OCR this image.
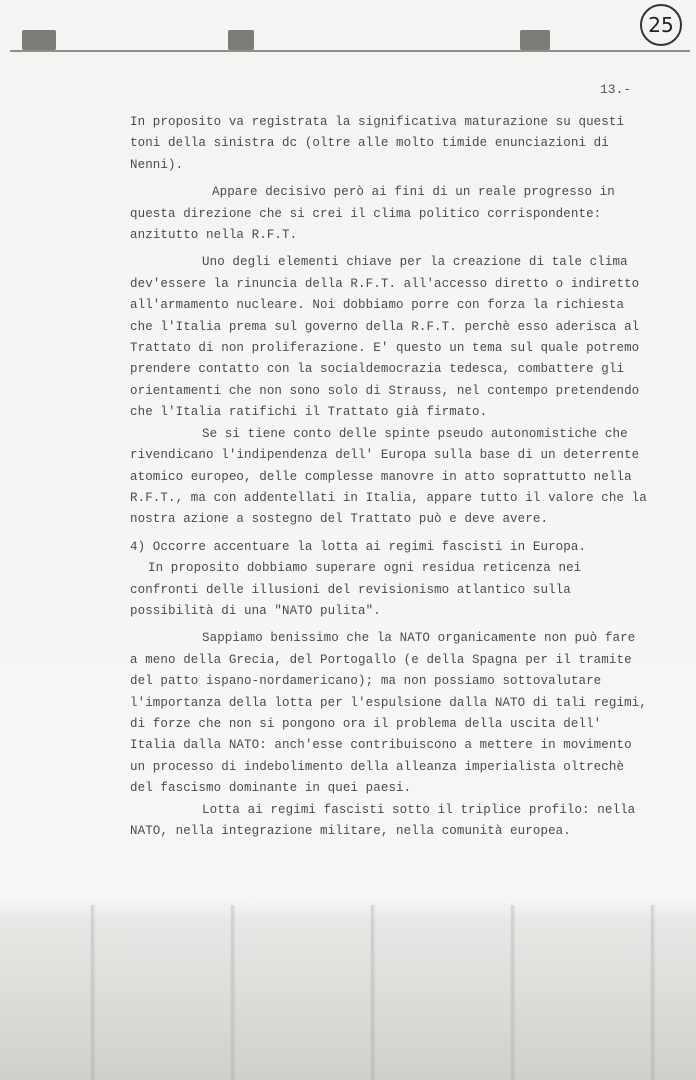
25
13.-

In proposito va registrata la significativa maturazione su questi toni della sinistra dc (oltre alle molto timide enunciazioni di Nenni).

Appare decisivo però ai fini di un reale progresso in questa direzione che si crei il clima politico corrispondente: anzitutto nella R.F.T.

Uno degli elementi chiave per la creazione di tale clima dev'essere la rinuncia della R.F.T. all'accesso diretto o indiretto all'armamento nucleare. Noi dobbiamo porre con forza la richiesta che l'Italia prema sul governo della R.F.T. perchè esso aderisca al Trattato di non proliferazione. E' questo un tema sul quale potremo prendere contatto con la socialdemocrazia tedesca, combattere gli orientamenti che non sono solo di Strauss, nel contempo pretendendo che l'Italia ratifichi il Trattato già firmato.

Se si tiene conto delle spinte pseudo autonomistiche che rivendicano l'indipendenza dell' Europa sulla base di un deterrente atomico europeo, delle complesse manovre in atto soprattutto nella R.F.T., ma con addentellati in Italia, appare tutto il valore che la nostra azione a sostegno del Trattato può e deve avere.

4) Occorre accentuare la lotta ai regimi fascisti in Europa.

In proposito dobbiamo superare ogni residua reticenza nei confronti delle illusioni del revisionismo atlantico sulla possibilità di una "NATO pulita".

Sappiamo benissimo che la NATO organicamente non può fare a meno della Grecia, del Portogallo (e della Spagna per il tramite del patto ispano-nordamericano); ma non possiamo sottovalutare l'importanza della lotta per l'espulsione dalla NATO di tali regimi, di forze che non si pongono ora il problema della uscita dell' Italia dalla NATO: anch'esse contribuiscono a mettere in movimento un processo di indebolimento della alleanza imperialista oltrechè del fascismo dominante in quei paesi.

Lotta ai regimi fascisti sotto il triplice profilo: nella NATO, nella integrazione militare, nella comunità europea.
